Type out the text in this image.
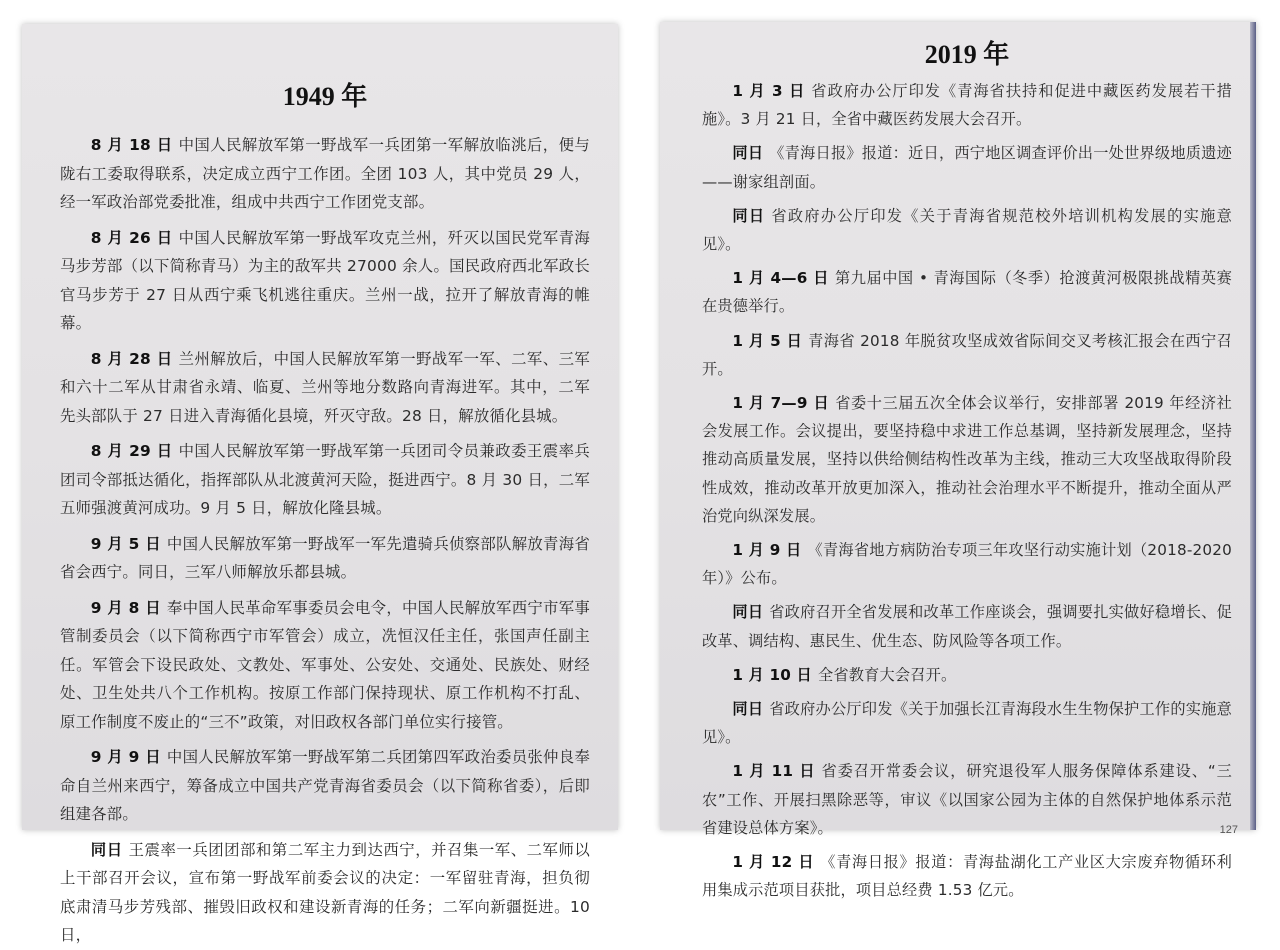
1949 年

8 月 18 日 中国人民解放军第一野战军一兵团第一军解放临洮后，便与陇右工委取得联系，决定成立西宁工作团。全团 103 人，其中党员 29 人，经一军政治部党委批准，组成中共西宁工作团党支部。

8 月 26 日 中国人民解放军第一野战军攻克兰州，歼灭以国民党军青海马步芳部（以下简称青马）为主的敌军共 27000 余人。国民政府西北军政长官马步芳于 27 日从西宁乘飞机逃往重庆。兰州一战，拉开了解放青海的帷幕。

8 月 28 日 兰州解放后，中国人民解放军第一野战军一军、二军、三军和六十二军从甘肃省永靖、临夏、兰州等地分数路向青海进军。其中，二军先头部队于 27 日进入青海循化县境，歼灭守敌。28 日，解放循化县城。

8 月 29 日 中国人民解放军第一野战军第一兵团司令员兼政委王震率兵团司令部抵达循化，指挥部队从北渡黄河天险，挺进西宁。8 月 30 日，二军五师强渡黄河成功。9 月 5 日，解放化隆县城。

9 月 5 日 中国人民解放军第一野战军一军先遣骑兵侦察部队解放青海省省会西宁。同日，三军八师解放乐都县城。

9 月 8 日 奉中国人民革命军事委员会电令，中国人民解放军西宁市军事管制委员会（以下简称西宁市军管会）成立，冼恒汉任主任，张国声任副主任。军管会下设民政处、文教处、军事处、公安处、交通处、民族处、财经处、卫生处共八个工作机构。按原工作部门保持现状、原工作机构不打乱、原工作制度不废止的“三不”政策，对旧政权各部门单位实行接管。

9 月 9 日 中国人民解放军第一野战军第二兵团第四军政治委员张仲良奉命自兰州来西宁，筹备成立中国共产党青海省委员会（以下简称省委），后即组建各部。

同日 王震率一兵团团部和第二军主力到达西宁，并召集一军、二军师以上干部召开会议，宣布第一野战军前委会议的决定：一军留驻青海，担负彻底肃清马步芳残部、摧毁旧政权和建设新青海的任务；二军向新疆挺进。10 日，

2019 年

1 月 3 日 省政府办公厅印发《青海省扶持和促进中藏医药发展若干措施》。3 月 21 日，全省中藏医药发展大会召开。

同日 《青海日报》报道：近日，西宁地区调查评价出一处世界级地质遗迹——谢家组剖面。

同日 省政府办公厅印发《关于青海省规范校外培训机构发展的实施意见》。

1 月 4—6 日 第九届中国 • 青海国际（冬季）抢渡黄河极限挑战精英赛在贵德举行。

1 月 5 日 青海省 2018 年脱贫攻坚成效省际间交叉考核汇报会在西宁召开。

1 月 7—9 日 省委十三届五次全体会议举行，安排部署 2019 年经济社会发展工作。会议提出，要坚持稳中求进工作总基调，坚持新发展理念，坚持推动高质量发展，坚持以供给侧结构性改革为主线，推动三大攻坚战取得阶段性成效，推动改革开放更加深入，推动社会治理水平不断提升，推动全面从严治党向纵深发展。

1 月 9 日 《青海省地方病防治专项三年攻坚行动实施计划（2018-2020 年）》公布。

同日 省政府召开全省发展和改革工作座谈会，强调要扎实做好稳增长、促改革、调结构、惠民生、优生态、防风险等各项工作。

1 月 10 日 全省教育大会召开。

同日 省政府办公厅印发《关于加强长江青海段水生生物保护工作的实施意见》。

1 月 11 日 省委召开常委会议，研究退役军人服务保障体系建设、“三农”工作、开展扫黑除恶等，审议《以国家公园为主体的自然保护地体系示范省建设总体方案》。

1 月 12 日 《青海日报》报道：青海盐湖化工产业区大宗废弃物循环利用集成示范项目获批，项目总经费 1.53 亿元。

127
